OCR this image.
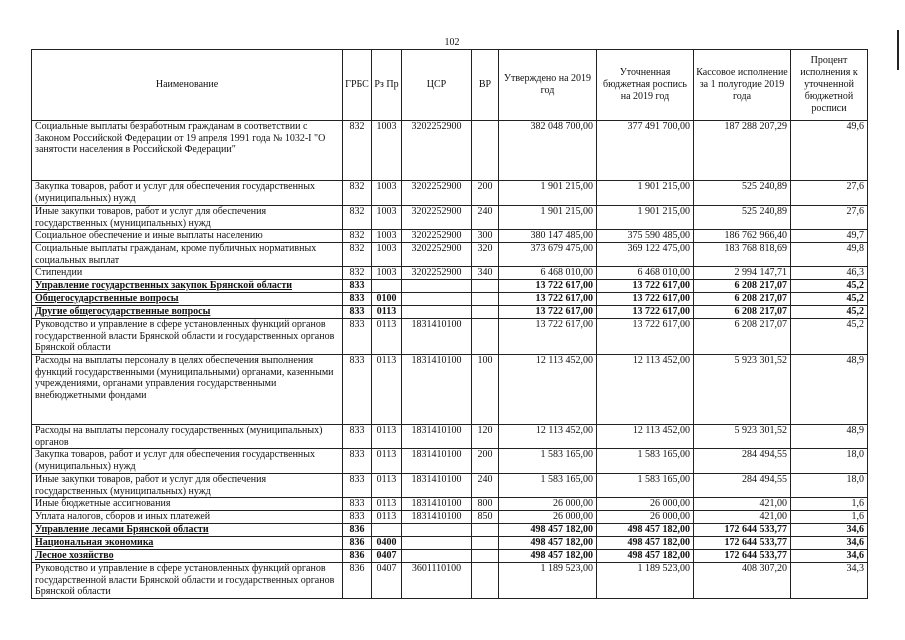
102
Наименование	ГРБС	Рз Пр	ЦСР	ВР	Утверждено на 2019 год	Уточненная бюджетная роспись на 2019 год	Кассовое исполнение за 1 полугодие 2019 года	Процент исполнения к уточненной бюджетной росписи
Социальные выплаты безработным гражданам в соответствии с Законом Российской Федерации от 19 апреля 1991 года № 1032-I "О занятости населения в Российской Федерации"	832	1003	3202252900		382 048 700,00	377 491 700,00	187 288 207,29	49,6
Закупка товаров, работ и услуг для обеспечения государственных (муниципальных) нужд	832	1003	3202252900	200	1 901 215,00	1 901 215,00	525 240,89	27,6
Иные закупки товаров, работ и услуг для обеспечения государственных (муниципальных) нужд	832	1003	3202252900	240	1 901 215,00	1 901 215,00	525 240,89	27,6
Социальное обеспечение и иные выплаты населению	832	1003	3202252900	300	380 147 485,00	375 590 485,00	186 762 966,40	49,7
Социальные выплаты гражданам, кроме публичных нормативных социальных выплат	832	1003	3202252900	320	373 679 475,00	369 122 475,00	183 768 818,69	49,8
Стипендии	832	1003	3202252900	340	6 468 010,00	6 468 010,00	2 994 147,71	46,3
Управление государственных закупок Брянской области	833				13 722 617,00	13 722 617,00	6 208 217,07	45,2
Общегосударственные вопросы	833	0100			13 722 617,00	13 722 617,00	6 208 217,07	45,2
Другие общегосударственные вопросы	833	0113			13 722 617,00	13 722 617,00	6 208 217,07	45,2
Руководство и управление в сфере установленных функций органов государственной власти Брянской области и государственных органов Брянской области	833	0113	1831410100		13 722 617,00	13 722 617,00	6 208 217,07	45,2
Расходы на выплаты персоналу в целях обеспечения выполнения функций государственными (муниципальными) органами, казенными учреждениями, органами управления государственными внебюджетными фондами	833	0113	1831410100	100	12 113 452,00	12 113 452,00	5 923 301,52	48,9
Расходы на выплаты персоналу государственных (муниципальных) органов	833	0113	1831410100	120	12 113 452,00	12 113 452,00	5 923 301,52	48,9
Закупка товаров, работ и услуг для обеспечения государственных (муниципальных) нужд	833	0113	1831410100	200	1 583 165,00	1 583 165,00	284 494,55	18,0
Иные закупки товаров, работ и услуг для обеспечения государственных (муниципальных) нужд	833	0113	1831410100	240	1 583 165,00	1 583 165,00	284 494,55	18,0
Иные бюджетные ассигнования	833	0113	1831410100	800	26 000,00	26 000,00	421,00	1,6
Уплата налогов, сборов и иных платежей	833	0113	1831410100	850	26 000,00	26 000,00	421,00	1,6
Управление лесами Брянской области	836				498 457 182,00	498 457 182,00	172 644 533,77	34,6
Национальная экономика	836	0400			498 457 182,00	498 457 182,00	172 644 533,77	34,6
Лесное хозяйство	836	0407			498 457 182,00	498 457 182,00	172 644 533,77	34,6
Руководство и управление в сфере установленных функций органов государственной власти Брянской области и государственных органов Брянской области	836	0407	3601110100		1 189 523,00	1 189 523,00	408 307,20	34,3
